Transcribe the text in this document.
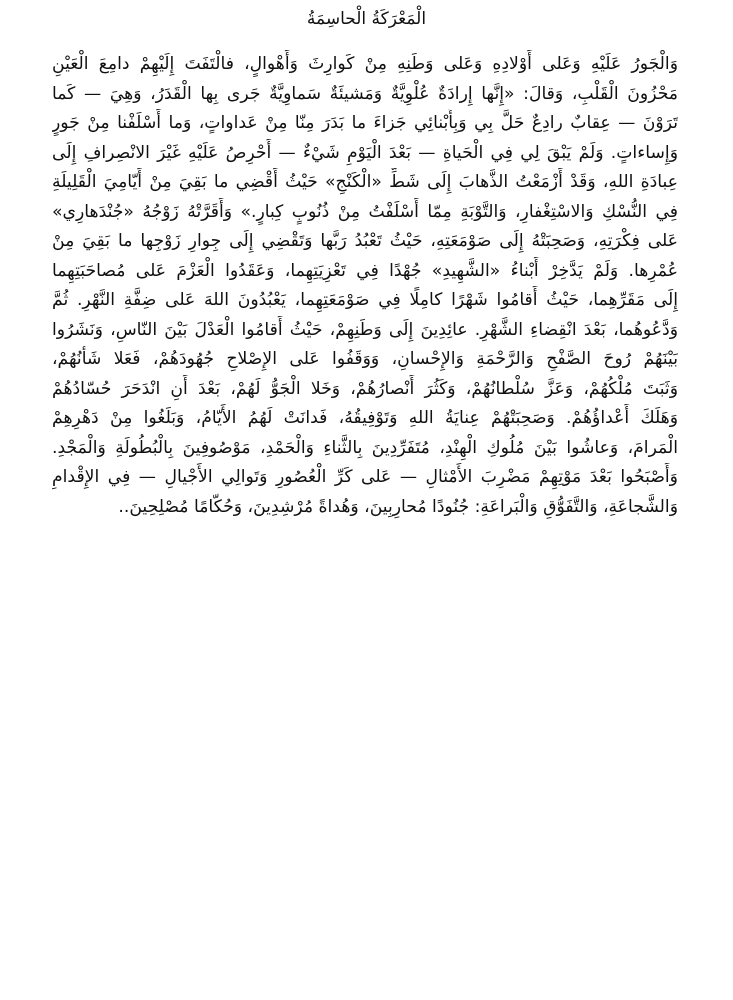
الْمَعْرَكَةُ الْحاسِمَةُ
وَالْجَورُ عَلَيْهِ وَعَلى أَوْلادِهِ وَعَلى وَطَنِهِ مِنْ كَوارِثَ وَأَهْوالٍ، فالْتَفَتَ إِلَيْهِمْ دامِعَ الْعَيْنِ
مَحْزُونَ الْقَلْبِ، وَقالَ: «إِنَّها إِرادَةٌ عُلْوِيَّةٌ وَمَشيئَةٌ سَماوِيَّةٌ جَرى بِها الْقَدَرُ، وَهِيَ — كَما
تَرَوْنَ — عِقابٌ رادِعٌ حَلَّ بِي وَبِأَبْنائِي جَزاءَ ما بَدَرَ مِنّا مِنْ عَداواتٍ، وَما أَسْلَفْنا مِنْ جَورٍ
وَإِساءاتٍ. وَلَمْ يَبْقَ لِي فِي الْحَياةِ — بَعْدَ الْيَوْمِ شَيْءٌ — أَحْرِصُ عَلَيْهِ غَيْرَ الانْصِرافِ إِلَى
عِبادَةِ اللهِ، وَقَدْ أَزْمَعْتُ الذَّهابَ إِلَى شَطِّ «الْكَنْجِ» حَيْثُ أَقْضِي ما بَقِيَ مِنْ أَيّامِيَ الْقَلِيلَةِ
فِي النُّسْكِ وَالاسْتِغْفارِ، وَالتَّوْبَةِ مِمّا أَسْلَفْتُ مِنْ ذُنُوبٍ كِبارٍ.» وَأَقَرَّتْهُ زَوْجُهُ «جُنْدَهارِي»
عَلى فِكْرَتِهِ، وَصَحِبَتْهُ إِلَى صَوْمَعَتِهِ، حَيْثُ تَعْبُدُ رَبَّها وَتَقْضِي إِلَى جِوارِ زَوْجِها ما بَقِيَ مِنْ
عُمْرِها. وَلَمْ يَدَّخِرْ أَبْناءُ «الشَّهِيدِ» جُهْدًا فِي تَعْزِيَتِهِما، وَعَقَدُوا الْعَزْمَ عَلى مُصاحَبَتِهِما
إِلَى مَقَرِّهِما، حَيْثُ أَقامُوا شَهْرًا كامِلًا فِي صَوْمَعَتِهِما، يَعْبُدُونَ اللهَ عَلى ضِفَّةِ النَّهْرِ. ثُمَّ
وَدَّعُوهُما، بَعْدَ انْقِضاءِ الشَّهْرِ. عائِدِينَ إِلَى وَطَنِهِمْ، حَيْثُ أَقامُوا الْعَدْلَ بَيْنَ النّاسِ، وَنَشَرُوا
بَيْنَهُمْ رُوحَ الصَّفْحِ وَالرَّحْمَةِ وَالإِحْسانِ، وَوَقَفُوا عَلى الإِصْلاحِ جُهُودَهُمْ، فَعَلا شَأْنُهُمْ،
وَثَبَتَ مُلْكُهُمْ، وَعَزَّ سُلْطانُهُمْ، وَكَثُرَ أَنْصارُهُمْ، وَخَلا الْجَوُّ لَهُمْ، بَعْدَ أَنِ انْدَحَرَ حُسّادُهُمْ
وَهَلَكَ أَعْداؤُهُمْ. وَصَحِبَتْهُمْ عِنايَةُ اللهِ وَتَوْفِيقُهُ، فَدانَتْ لَهُمُ الأَيّامُ، وَبَلَغُوا مِنْ دَهْرِهِمْ
الْمَرامَ، وَعاشُوا بَيْنَ مُلُوكِ الْهِنْدِ، مُتَفَرِّدِينَ بِالثَّناءِ وَالْحَمْدِ، مَوْصُوفِينَ بِالْبُطُولَةِ وَالْمَجْدِ.
وَأَصْبَحُوا بَعْدَ مَوْتِهِمْ مَضْرِبَ الأَمْثالِ — عَلى كَرِّ الْعُصُورِ وَتَوالِي الأَجْيالِ — فِي الإِقْدامِ
وَالشَّجاعَةِ، وَالتَّفَوُّقِ وَالْبَراعَةِ: جُنُودًا مُحارِبِينَ، وَهُداةً مُرْشِدِينَ، وَحُكّامًا مُصْلِحِينَ..
